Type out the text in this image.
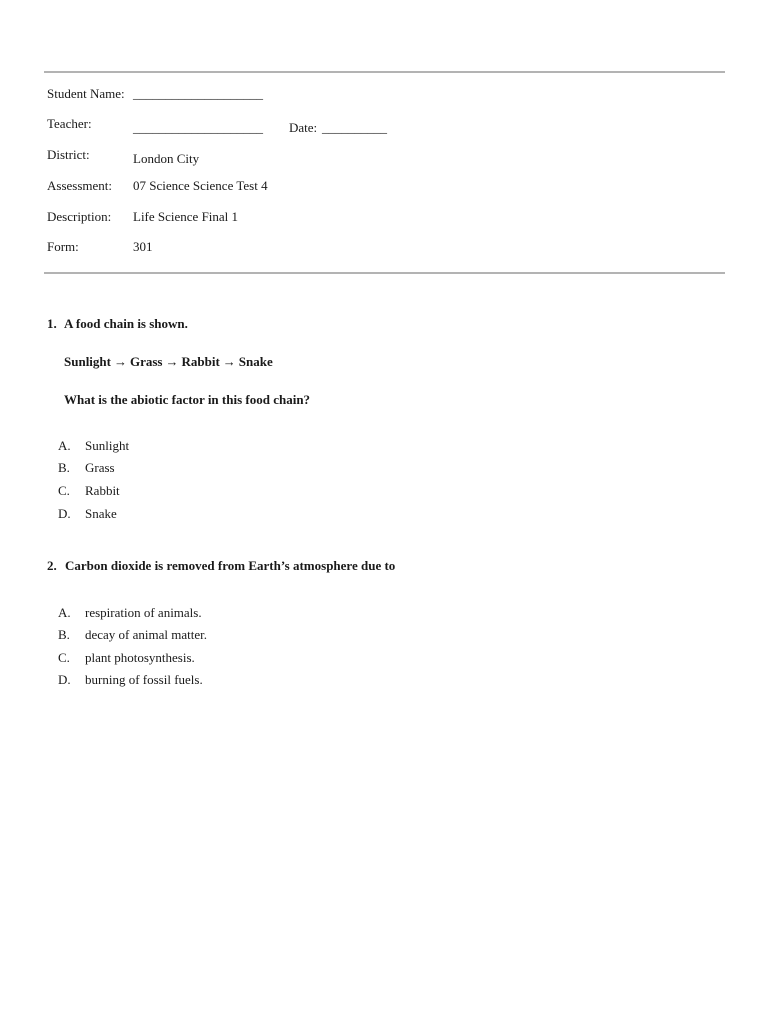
Student Name: ____________________
Teacher:	____________________ Date: __________
District:	London City
Assessment: 07 Science Science Test 4
Description: Life Science Final 1
Form:	301
1. A food chain is shown.
Sunlight → Grass → Rabbit → Snake
What is the abiotic factor in this food chain?
A. Sunlight
B. Grass
C. Rabbit
D. Snake
2. Carbon dioxide is removed from Earth’s atmosphere due to
A. respiration of animals.
B. decay of animal matter.
C. plant photosynthesis.
D. burning of fossil fuels.
